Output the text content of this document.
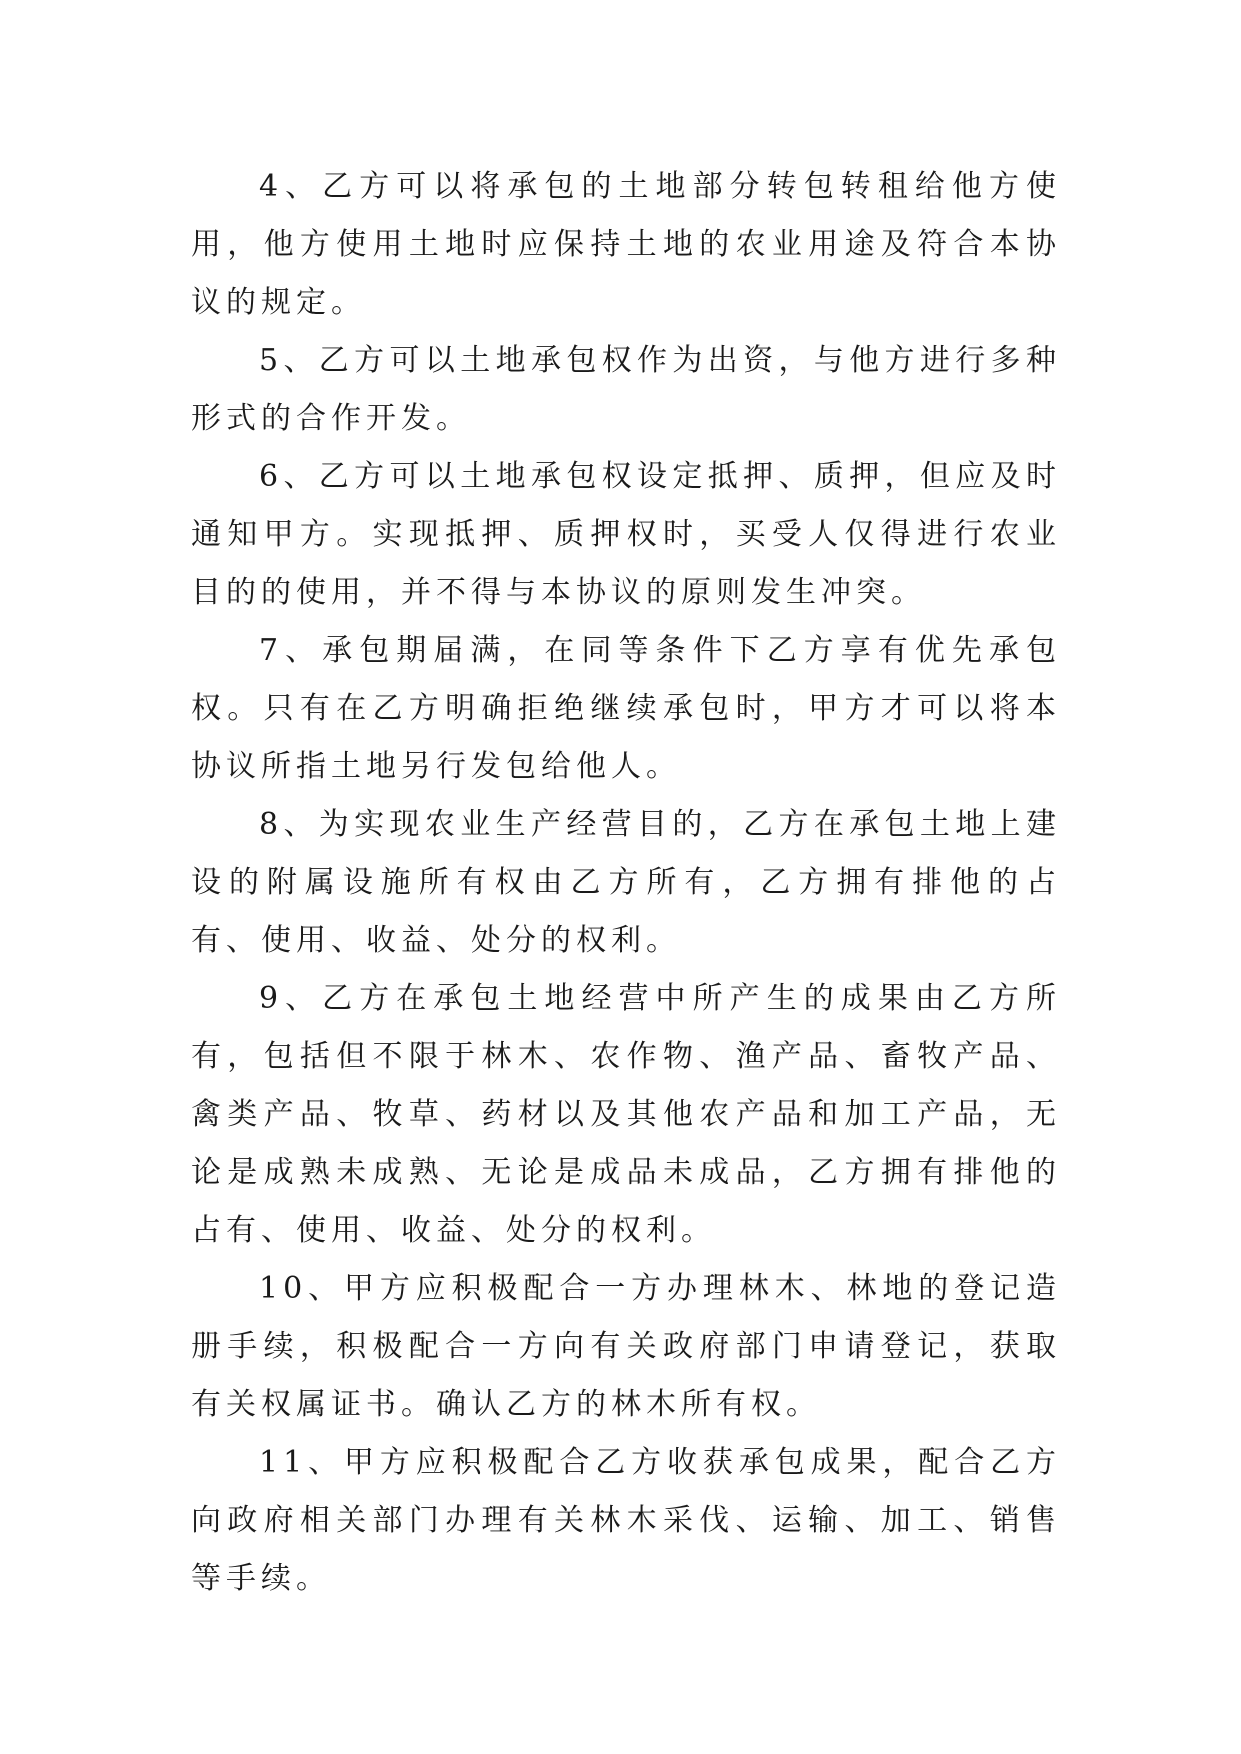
4、乙方可以将承包的土地部分转包转租给他方使用，他方使用土地时应保持土地的农业用途及符合本协议的规定。

5、乙方可以土地承包权作为出资，与他方进行多种形式的合作开发。

6、乙方可以土地承包权设定抵押、质押，但应及时通知甲方。实现抵押、质押权时，买受人仅得进行农业目的的使用，并不得与本协议的原则发生冲突。

7、承包期届满，在同等条件下乙方享有优先承包权。只有在乙方明确拒绝继续承包时，甲方才可以将本协议所指土地另行发包给他人。

8、为实现农业生产经营目的，乙方在承包土地上建设的附属设施所有权由乙方所有，乙方拥有排他的占有、使用、收益、处分的权利。

9、乙方在承包土地经营中所产生的成果由乙方所有，包括但不限于林木、农作物、渔产品、畜牧产品、禽类产品、牧草、药材以及其他农产品和加工产品，无论是成熟未成熟、无论是成品未成品，乙方拥有排他的占有、使用、收益、处分的权利。

10、甲方应积极配合一方办理林木、林地的登记造册手续，积极配合一方向有关政府部门申请登记，获取有关权属证书。确认乙方的林木所有权。

11、甲方应积极配合乙方收获承包成果，配合乙方向政府相关部门办理有关林木采伐、运输、加工、销售等手续。
